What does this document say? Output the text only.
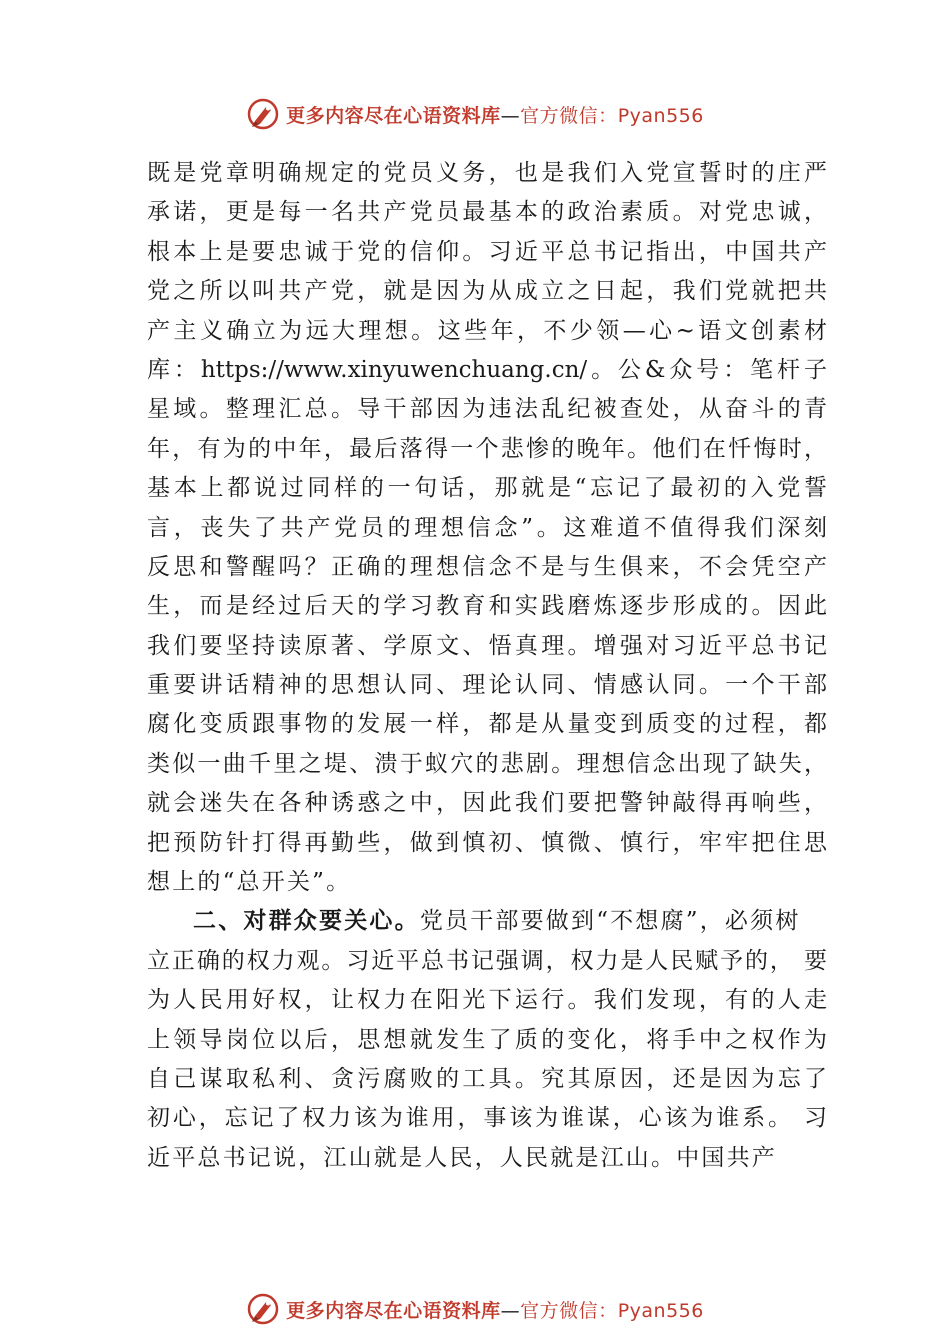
更多内容尽在心语资料库—官方微信：Pyan556
既是党章明确规定的党员义务，也是我们入党宣誓时的庄严
承诺，更是每一名共产党员最基本的政治素质。对党忠诚，
根本上是要忠诚于党的信仰。习近平总书记指出，中国共产
党之所以叫共产党，就是因为从成立之日起，我们党就把共
产主义确立为远大理想。这些年，不少领—心~语文创素材
库：https://www.xinyuwenchuang.cn/。公&众号：笔杆子
星域。整理汇总。导干部因为违法乱纪被查处，从奋斗的青
年，有为的中年，最后落得一个悲惨的晚年。他们在忏悔时，
基本上都说过同样的一句话，那就是“忘记了最初的入党誓
言，丧失了共产党员的理想信念”。这难道不值得我们深刻
反思和警醒吗？正确的理想信念不是与生俱来，不会凭空产
生，而是经过后天的学习教育和实践磨炼逐步形成的。因此
我们要坚持读原著、学原文、悟真理。增强对习近平总书记
重要讲话精神的思想认同、理论认同、情感认同。一个干部
腐化变质跟事物的发展一样，都是从量变到质变的过程，都
类似一曲千里之堤、溃于蚁穴的悲剧。理想信念出现了缺失，
就会迷失在各种诱惑之中，因此我们要把警钟敲得再响些，
把预防针打得再勤些，做到慎初、慎微、慎行，牢牢把住思
想上的“总开关”。
二、对群众要关心。党员干部要做到“不想腐”，必须树
立正确的权力观。习近平总书记强调，权力是人民赋予的， 要
为人民用好权，让权力在阳光下运行。我们发现，有的人走
上领导岗位以后，思想就发生了质的变化，将手中之权作为
自己谋取私利、贪污腐败的工具。究其原因，还是因为忘了
初心，忘记了权力该为谁用，事该为谁谋，心该为谁系。 习
近平总书记说，江山就是人民，人民就是江山。中国共产
更多内容尽在心语资料库—官方微信：Pyan556
